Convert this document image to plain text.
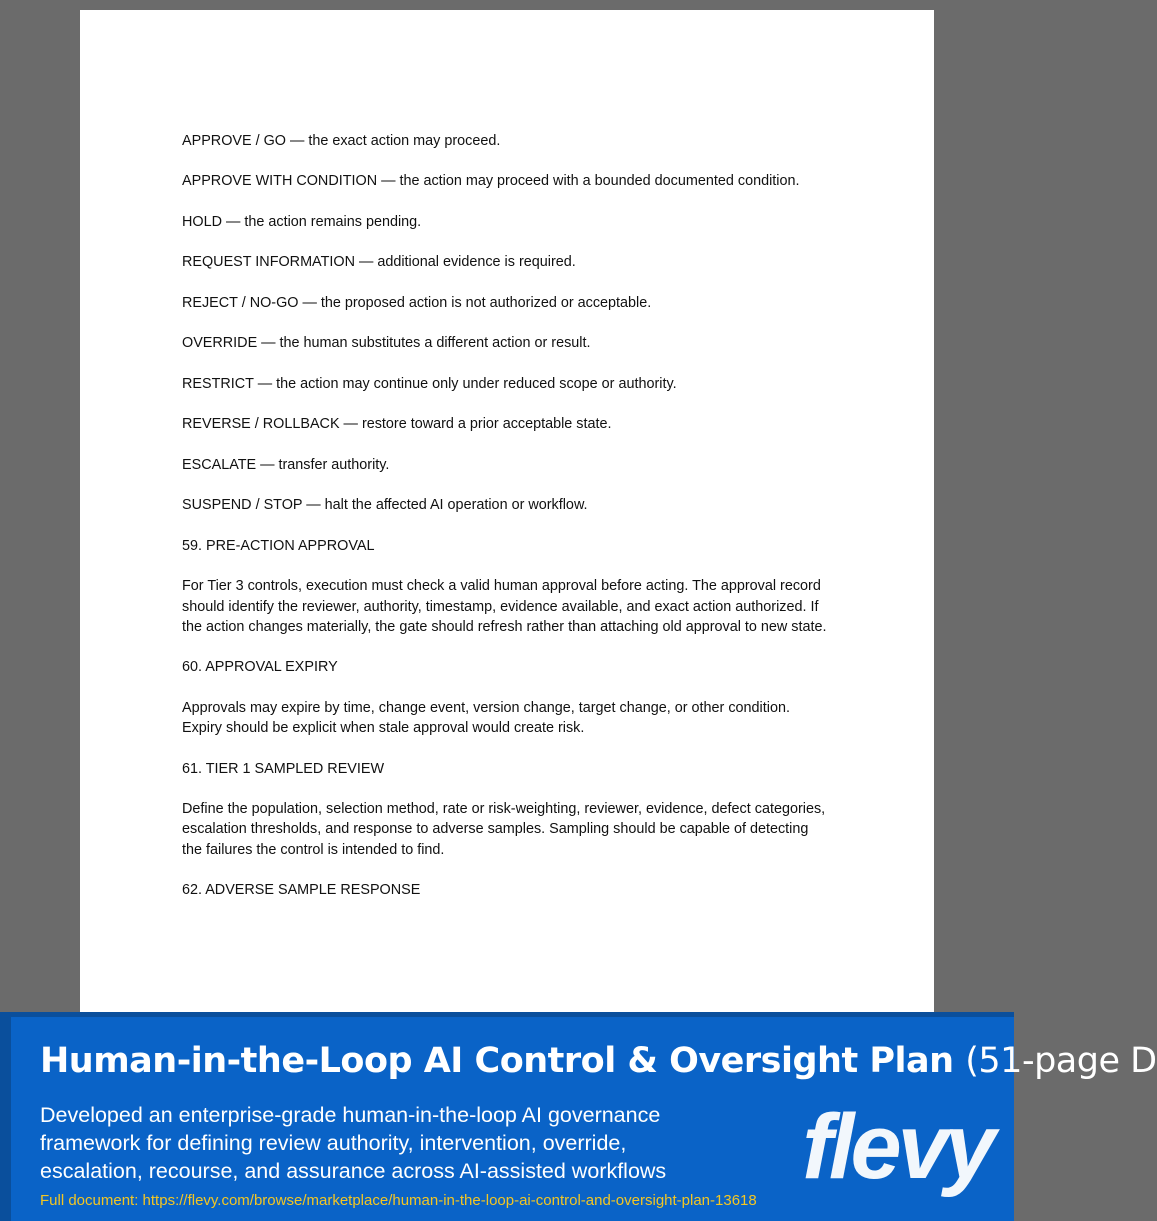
APPROVE / GO — the exact action may proceed.

APPROVE WITH CONDITION — the action may proceed with a bounded documented condition.

HOLD — the action remains pending.

REQUEST INFORMATION — additional evidence is required.

REJECT / NO-GO — the proposed action is not authorized or acceptable.

OVERRIDE — the human substitutes a different action or result.

RESTRICT — the action may continue only under reduced scope or authority.

REVERSE / ROLLBACK — restore toward a prior acceptable state.

ESCALATE — transfer authority.

SUSPEND / STOP — halt the affected AI operation or workflow.

59. PRE-ACTION APPROVAL

For Tier 3 controls, execution must check a valid human approval before acting. The approval record should identify the reviewer, authority, timestamp, evidence available, and exact action authorized. If the action changes materially, the gate should refresh rather than attaching old approval to new state.

60. APPROVAL EXPIRY

Approvals may expire by time, change event, version change, target change, or other condition. Expiry should be explicit when stale approval would create risk.

61. TIER 1 SAMPLED REVIEW

Define the population, selection method, rate or risk-weighting, reviewer, evidence, defect categories, escalation thresholds, and response to adverse samples. Sampling should be capable of detecting the failures the control is intended to find.

62. ADVERSE SAMPLE RESPONSE

Human-in-the-Loop AI Control & Oversight Plan (51-page D
Developed an enterprise-grade human-in-the-loop AI governance framework for defining review authority, intervention, override, escalation, recourse, and assurance across AI-assisted workflows
Full document: https://flevy.com/browse/marketplace/human-in-the-loop-ai-control-and-oversight-plan-13618
flevy
